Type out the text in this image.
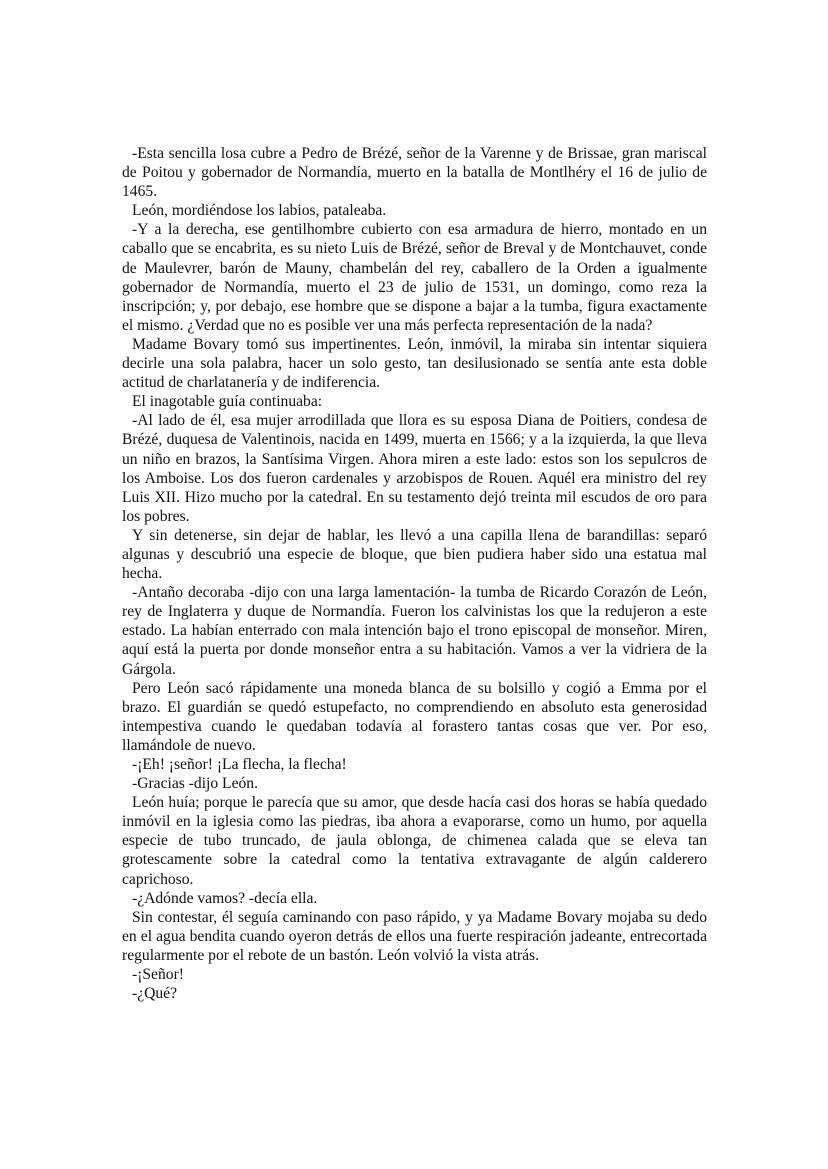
-Esta sencilla losa cubre a Pedro de Brézé, señor de la Varenne y de Brissae, gran mariscal de Poitou y gobernador de Normandía, muerto en la batalla de Montlhéry el 16 de julio de 1465.

León, mordiéndose los labios, pataleaba.

-Y a la derecha, ese gentilhombre cubierto con esa armadura de hierro, montado en un caballo que se encabrita, es su nieto Luis de Brézé, señor de Breval y de Montchauvet, conde de Maulevrer, barón de Mauny, chambelán del rey, caballero de la Orden a igualmente gobernador de Normandía, muerto el 23 de julio de 1531, un domingo, como reza la inscripción; y, por debajo, ese hombre que se dispone a bajar a la tumba, figura exactamente el mismo. ¿Verdad que no es posible ver una más perfecta representación de la nada?

Madame Bovary tomó sus impertinentes. León, inmóvil, la miraba sin intentar siquiera decirle una sola palabra, hacer un solo gesto, tan desilusionado se sentía ante esta doble actitud de charlatanería y de indiferencia.

El inagotable guía continuaba:

-Al lado de él, esa mujer arrodillada que llora es su esposa Diana de Poitiers, condesa de Brézé, duquesa de Valentinois, nacida en 1499, muerta en 1566; y a la izquierda, la que lleva un niño en brazos, la Santísima Virgen. Ahora miren a este lado: estos son los sepulcros de los Amboise. Los dos fueron cardenales y arzobispos de Rouen. Aquél era ministro del rey Luis XII. Hizo mucho por la catedral. En su testamento dejó treinta mil escudos de oro para los pobres.

Y sin detenerse, sin dejar de hablar, les llevó a una capilla llena de barandillas: separó algunas y descubrió una especie de bloque, que bien pudiera haber sido una estatua mal hecha.

-Antaño decoraba -dijo con una larga lamentación- la tumba de Ricardo Corazón de León, rey de Inglaterra y duque de Normandía. Fueron los calvinistas los que la redujeron a este estado. La habían enterrado con mala intención bajo el trono episcopal de monseñor. Miren, aquí está la puerta por donde monseñor entra a su habitación. Vamos a ver la vidriera de la Gárgola.

Pero León sacó rápidamente una moneda blanca de su bolsillo y cogió a Emma por el brazo. El guardián se quedó estupefacto, no comprendiendo en absoluto esta generosidad intempestiva cuando le quedaban todavía al forastero tantas cosas que ver. Por eso, llamándole de nuevo.

-¡Eh! ¡señor! ¡La flecha, la flecha!

-Gracias -dijo León.

León huía; porque le parecía que su amor, que desde hacía casi dos horas se había quedado inmóvil en la iglesia como las piedras, iba ahora a evaporarse, como un humo, por aquella especie de tubo truncado, de jaula oblonga, de chimenea calada que se eleva tan grotescamente sobre la catedral como la tentativa extravagante de algún calderero caprichoso.

-¿Adónde vamos? -decía ella.

Sin contestar, él seguía caminando con paso rápido, y ya Madame Bovary mojaba su dedo en el agua bendita cuando oyeron detrás de ellos una fuerte respiración jadeante, entrecortada regularmente por el rebote de un bastón. León volvió la vista atrás.

-¡Señor!

-¿Qué?
